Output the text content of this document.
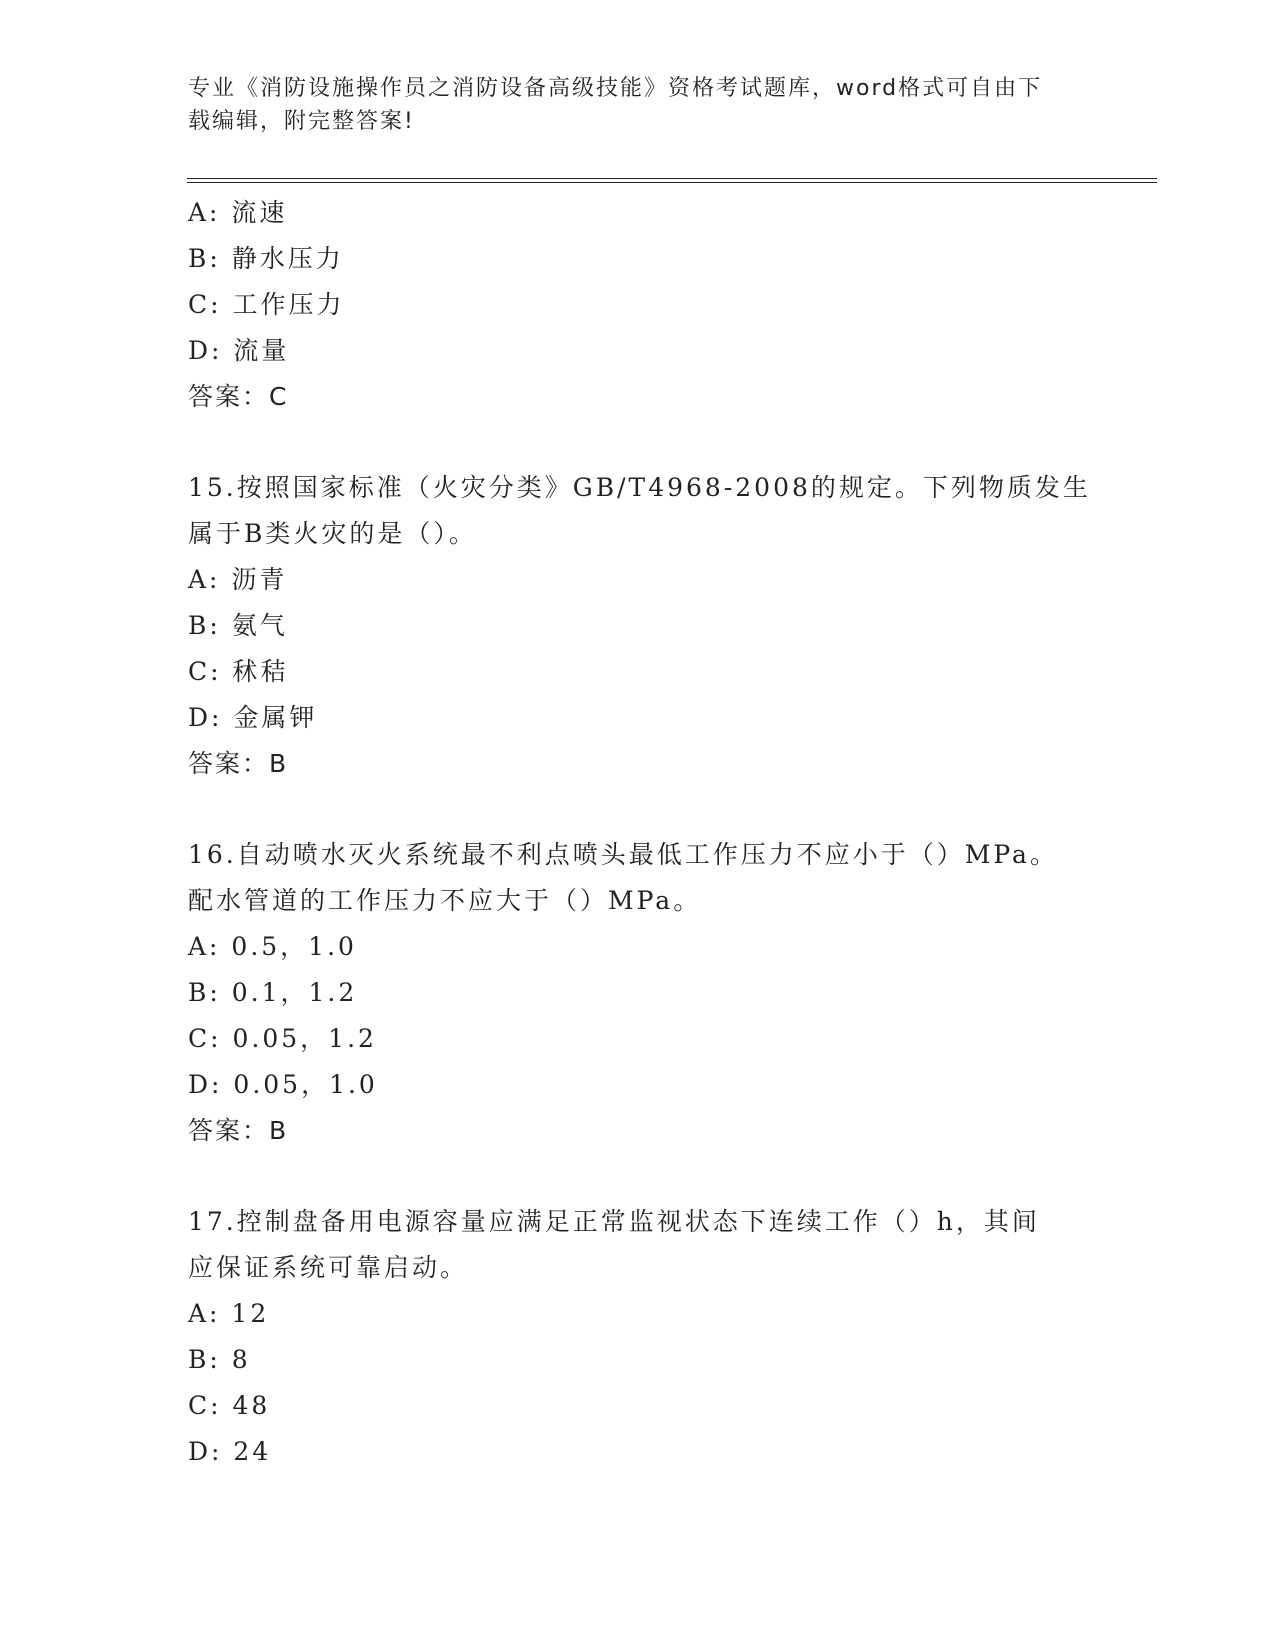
专业《消防设施操作员之消防设备高级技能》资格考试题库，word格式可自由下
载编辑，附完整答案!
A: 流速
B: 静水压力
C: 工作压力
D: 流量
答案：C
15.按照国家标准（火灾分类》GB/T4968-2008的规定。下列物质发生
属于B类火灾的是（）。
A: 沥青
B: 氨气
C: 秫秸
D: 金属钾
答案：B
16.自动喷水灭火系统最不利点喷头最低工作压力不应小于（）MPa。
配水管道的工作压力不应大于（）MPa。
A: 0.5，1.0
B: 0.1，1.2
C: 0.05，1.2
D: 0.05，1.0
答案：B
17.控制盘备用电源容量应满足正常监视状态下连续工作（）h，其间
应保证系统可靠启动。
A: 12
B: 8
C: 48
D: 24
